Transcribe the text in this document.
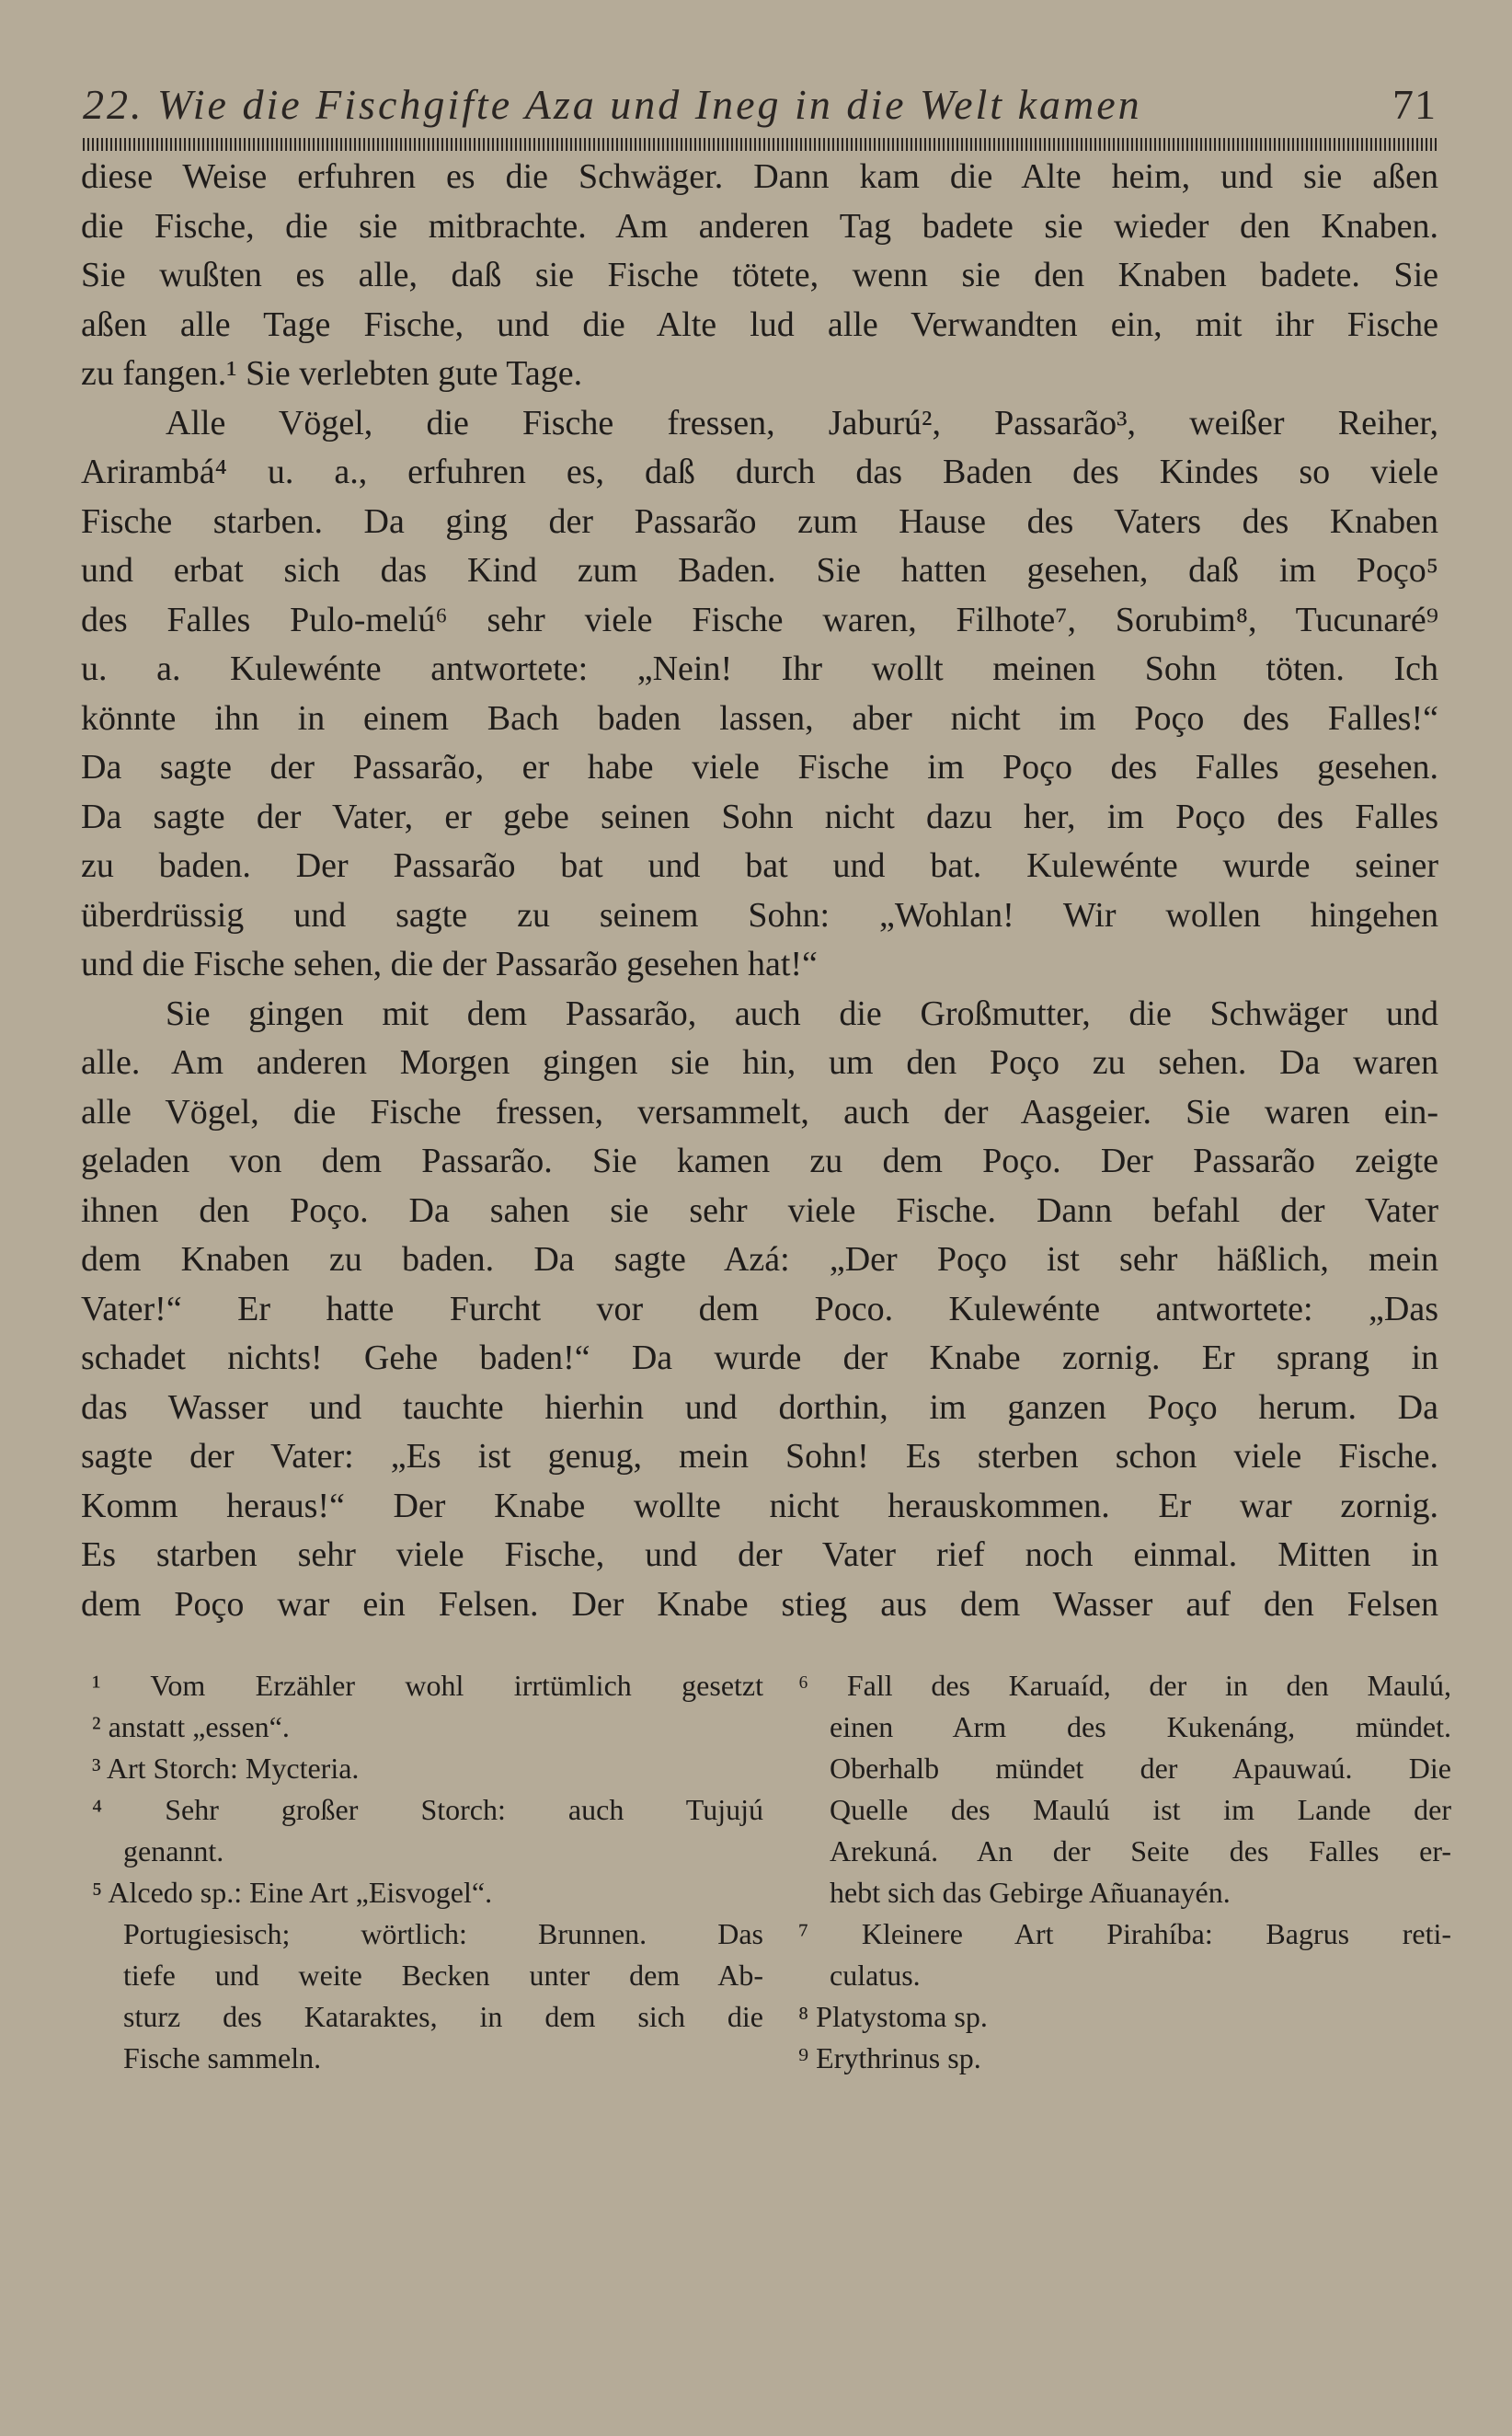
22. Wie die Fischgifte Aza und Ineg in die Welt kamen	71
diese Weise erfuhren es die Schwäger. Dann kam die Alte heim, und sie aßen
die Fische, die sie mitbrachte. Am anderen Tag badete sie wieder den Knaben.
Sie wußten es alle, daß sie Fische tötete, wenn sie den Knaben badete. Sie
aßen alle Tage Fische, und die Alte lud alle Verwandten ein, mit ihr Fische
zu fangen.¹ Sie verlebten gute Tage.
Alle Vögel, die Fische fressen, Jaburú², Passarão³, weißer Reiher,
Arirambá⁴ u. a., erfuhren es, daß durch das Baden des Kindes so viele
Fische starben. Da ging der Passarão zum Hause des Vaters des Knaben
und erbat sich das Kind zum Baden. Sie hatten gesehen, daß im Poço⁵
des Falles Pulo-melú⁶ sehr viele Fische waren, Filhote⁷, Sorubim⁸, Tucunaré⁹
u. a. Kulewénte antwortete: „Nein! Ihr wollt meinen Sohn töten. Ich
könnte ihn in einem Bach baden lassen, aber nicht im Poço des Falles!“
Da sagte der Passarão, er habe viele Fische im Poço des Falles gesehen.
Da sagte der Vater, er gebe seinen Sohn nicht dazu her, im Poço des Falles
zu baden. Der Passarão bat und bat und bat. Kulewénte wurde seiner
überdrüssig und sagte zu seinem Sohn: „Wohlan! Wir wollen hingehen
und die Fische sehen, die der Passarão gesehen hat!“
Sie gingen mit dem Passarão, auch die Großmutter, die Schwäger und
alle. Am anderen Morgen gingen sie hin, um den Poço zu sehen. Da waren
alle Vögel, die Fische fressen, versammelt, auch der Aasgeier. Sie waren ein-
geladen von dem Passarão. Sie kamen zu dem Poço. Der Passarão zeigte
ihnen den Poço. Da sahen sie sehr viele Fische. Dann befahl der Vater
dem Knaben zu baden. Da sagte Azá: „Der Poço ist sehr häßlich, mein
Vater!“ Er hatte Furcht vor dem Poco. Kulewénte antwortete: „Das
schadet nichts! Gehe baden!“ Da wurde der Knabe zornig. Er sprang in
das Wasser und tauchte hierhin und dorthin, im ganzen Poço herum. Da
sagte der Vater: „Es ist genug, mein Sohn! Es sterben schon viele Fische.
Komm heraus!“ Der Knabe wollte nicht herauskommen. Er war zornig.
Es starben sehr viele Fische, und der Vater rief noch einmal. Mitten in
dem Poço war ein Felsen. Der Knabe stieg aus dem Wasser auf den Felsen
¹ Vom Erzähler wohl irrtümlich gesetzt
² anstatt „essen“.
³ Art Storch: Mycteria.
⁴ Sehr großer Storch: auch Tujujú
genannt.
⁵ Alcedo sp.: Eine Art „Eisvogel“.
Portugiesisch; wörtlich: Brunnen. Das
tiefe und weite Becken unter dem Ab-
sturz des Kataraktes, in dem sich die
Fische sammeln.
⁶ Fall des Karuaíd, der in den Maulú,
einen Arm des Kukenáng, mündet.
Oberhalb mündet der Apauwaú. Die
Quelle des Maulú ist im Lande der
Arekuná. An der Seite des Falles er-
hebt sich das Gebirge Añuanayén.
⁷ Kleinere Art Pirahíba: Bagrus reti-
culatus.
⁸ Platystoma sp.
⁹ Erythrinus sp.
